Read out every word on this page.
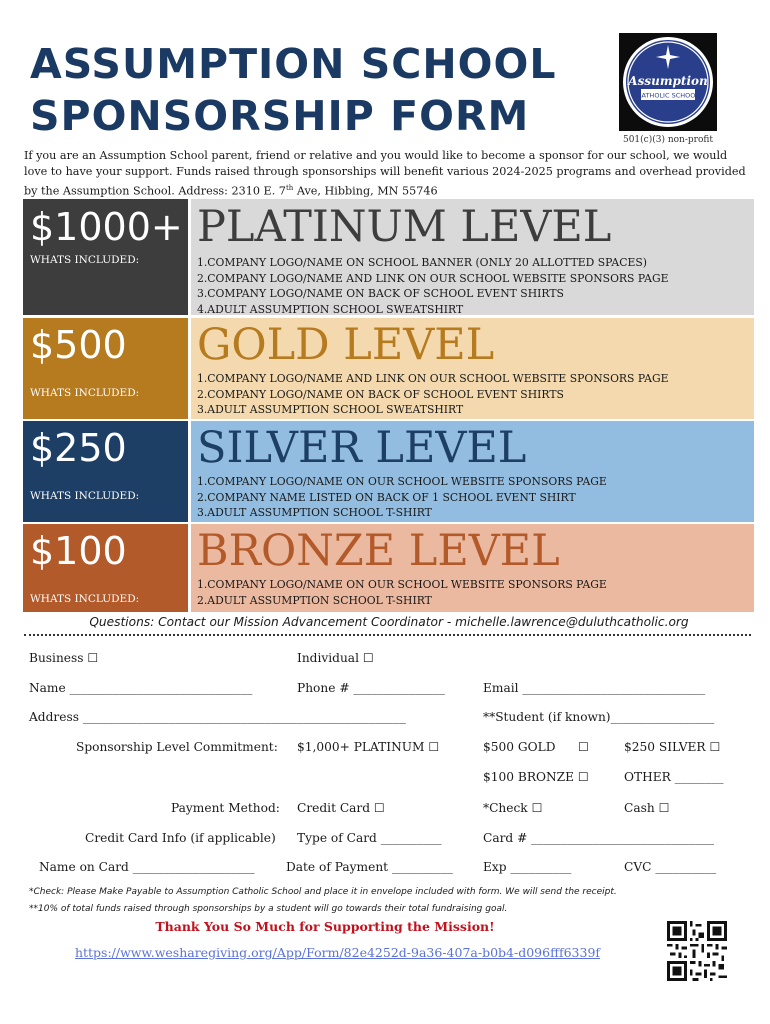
ASSUMPTION SCHOOL
SPONSORSHIP FORM
Assumption
CATHOLIC SCHOOL
501(c)(3) non-profit
If you are an Assumption School parent, friend or relative and you would like to become a sponsor for our school, we would love to have your support. Funds raised through sponsorships will benefit various 2024-2025 programs and overhead provided by the Assumption School. Address: 2310 E. 7th Ave, Hibbing, MN 55746
$1000+
WHATS INCLUDED:
PLATINUM LEVEL
1.COMPANY LOGO/NAME ON SCHOOL BANNER (ONLY 20 ALLOTTED SPACES)
2.COMPANY LOGO/NAME AND LINK ON OUR SCHOOL WEBSITE SPONSORS PAGE
3.COMPANY LOGO/NAME ON BACK OF SCHOOL EVENT SHIRTS
4.ADULT ASSUMPTION SCHOOL SWEATSHIRT
$500
WHATS INCLUDED:
GOLD LEVEL
1.COMPANY LOGO/NAME AND LINK ON OUR SCHOOL WEBSITE SPONSORS PAGE
2.COMPANY LOGO/NAME ON BACK OF SCHOOL EVENT SHIRTS
3.ADULT ASSUMPTION SCHOOL SWEATSHIRT
$250
WHATS INCLUDED:
SILVER LEVEL
1.COMPANY LOGO/NAME ON OUR SCHOOL WEBSITE SPONSORS PAGE
2.COMPANY NAME LISTED ON BACK OF 1 SCHOOL EVENT SHIRT
3.ADULT ASSUMPTION SCHOOL T-SHIRT
$100
WHATS INCLUDED:
BRONZE LEVEL
1.COMPANY LOGO/NAME ON OUR SCHOOL WEBSITE SPONSORS PAGE
2.ADULT ASSUMPTION SCHOOL T-SHIRT
Questions: Contact our Mission Advancement Coordinator - michelle.lawrence@duluthcatholic.org
Business ☐	Individual ☐
Name ______________________________	Phone # _______________	Email ______________________________
Address _____________________________________________________	**Student (if known)_________________
Sponsorship Level Commitment: $1,000+ PLATINUM ☐	$500 GOLD ☐	$250 SILVER ☐
$100 BRONZE ☐	OTHER ________
Payment Method: Credit Card ☐	*Check ☐	Cash ☐
Credit Card Info (if applicable) Type of Card __________	Card # ______________________________
Name on Card ____________________	Date of Payment __________ Exp __________	CVC __________
*Check: Please Make Payable to Assumption Catholic School and place it in envelope included with form. We will send the receipt.
**10% of total funds raised through sponsorships by a student will go towards their total fundraising goal.
Thank You So Much for Supporting the Mission!
https://www.wesharegiving.org/App/Form/82e4252d-9a36-407a-b0b4-d096fff6339f
